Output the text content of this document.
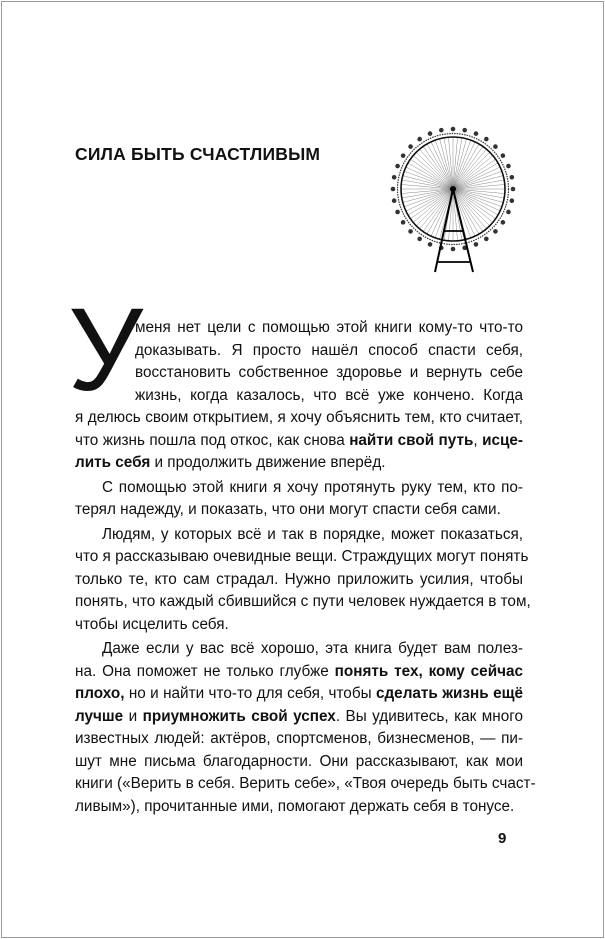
СИЛА БЫТЬ СЧАСТЛИВЫМ
У
меня нет цели с помощью этой книги кому-то что-то
доказывать. Я просто нашёл способ спасти себя,
восстановить собственное здоровье и вернуть себе
жизнь, когда казалось, что всё уже кончено. Когда
я делюсь своим открытием, я хочу объяснить тем, кто считает,
что жизнь пошла под откос, как снова найти свой путь, исце-
лить себя и продолжить движение вперёд.
С помощью этой книги я хочу протянуть руку тем, кто по-
терял надежду, и показать, что они могут спасти себя сами.
Людям, у которых всё и так в порядке, может показаться,
что я рассказываю очевидные вещи. Страждущих могут понять
только те, кто сам страдал. Нужно приложить усилия, чтобы
понять, что каждый сбившийся с пути человек нуждается в том,
чтобы исцелить себя.
Даже если у вас всё хорошо, эта книга будет вам полез-
на. Она поможет не только глубже понять тех, кому сейчас
плохо, но и найти что-то для себя, чтобы сделать жизнь ещё
лучше и приумножить свой успех. Вы удивитесь, как много
известных людей: актёров, спортсменов, бизнесменов, — пи-
шут мне письма благодарности. Они рассказывают, как мои
книги («Верить в себя. Верить себе», «Твоя очередь быть счаст-
ливым»), прочитанные ими, помогают держать себя в тонусе.
9
